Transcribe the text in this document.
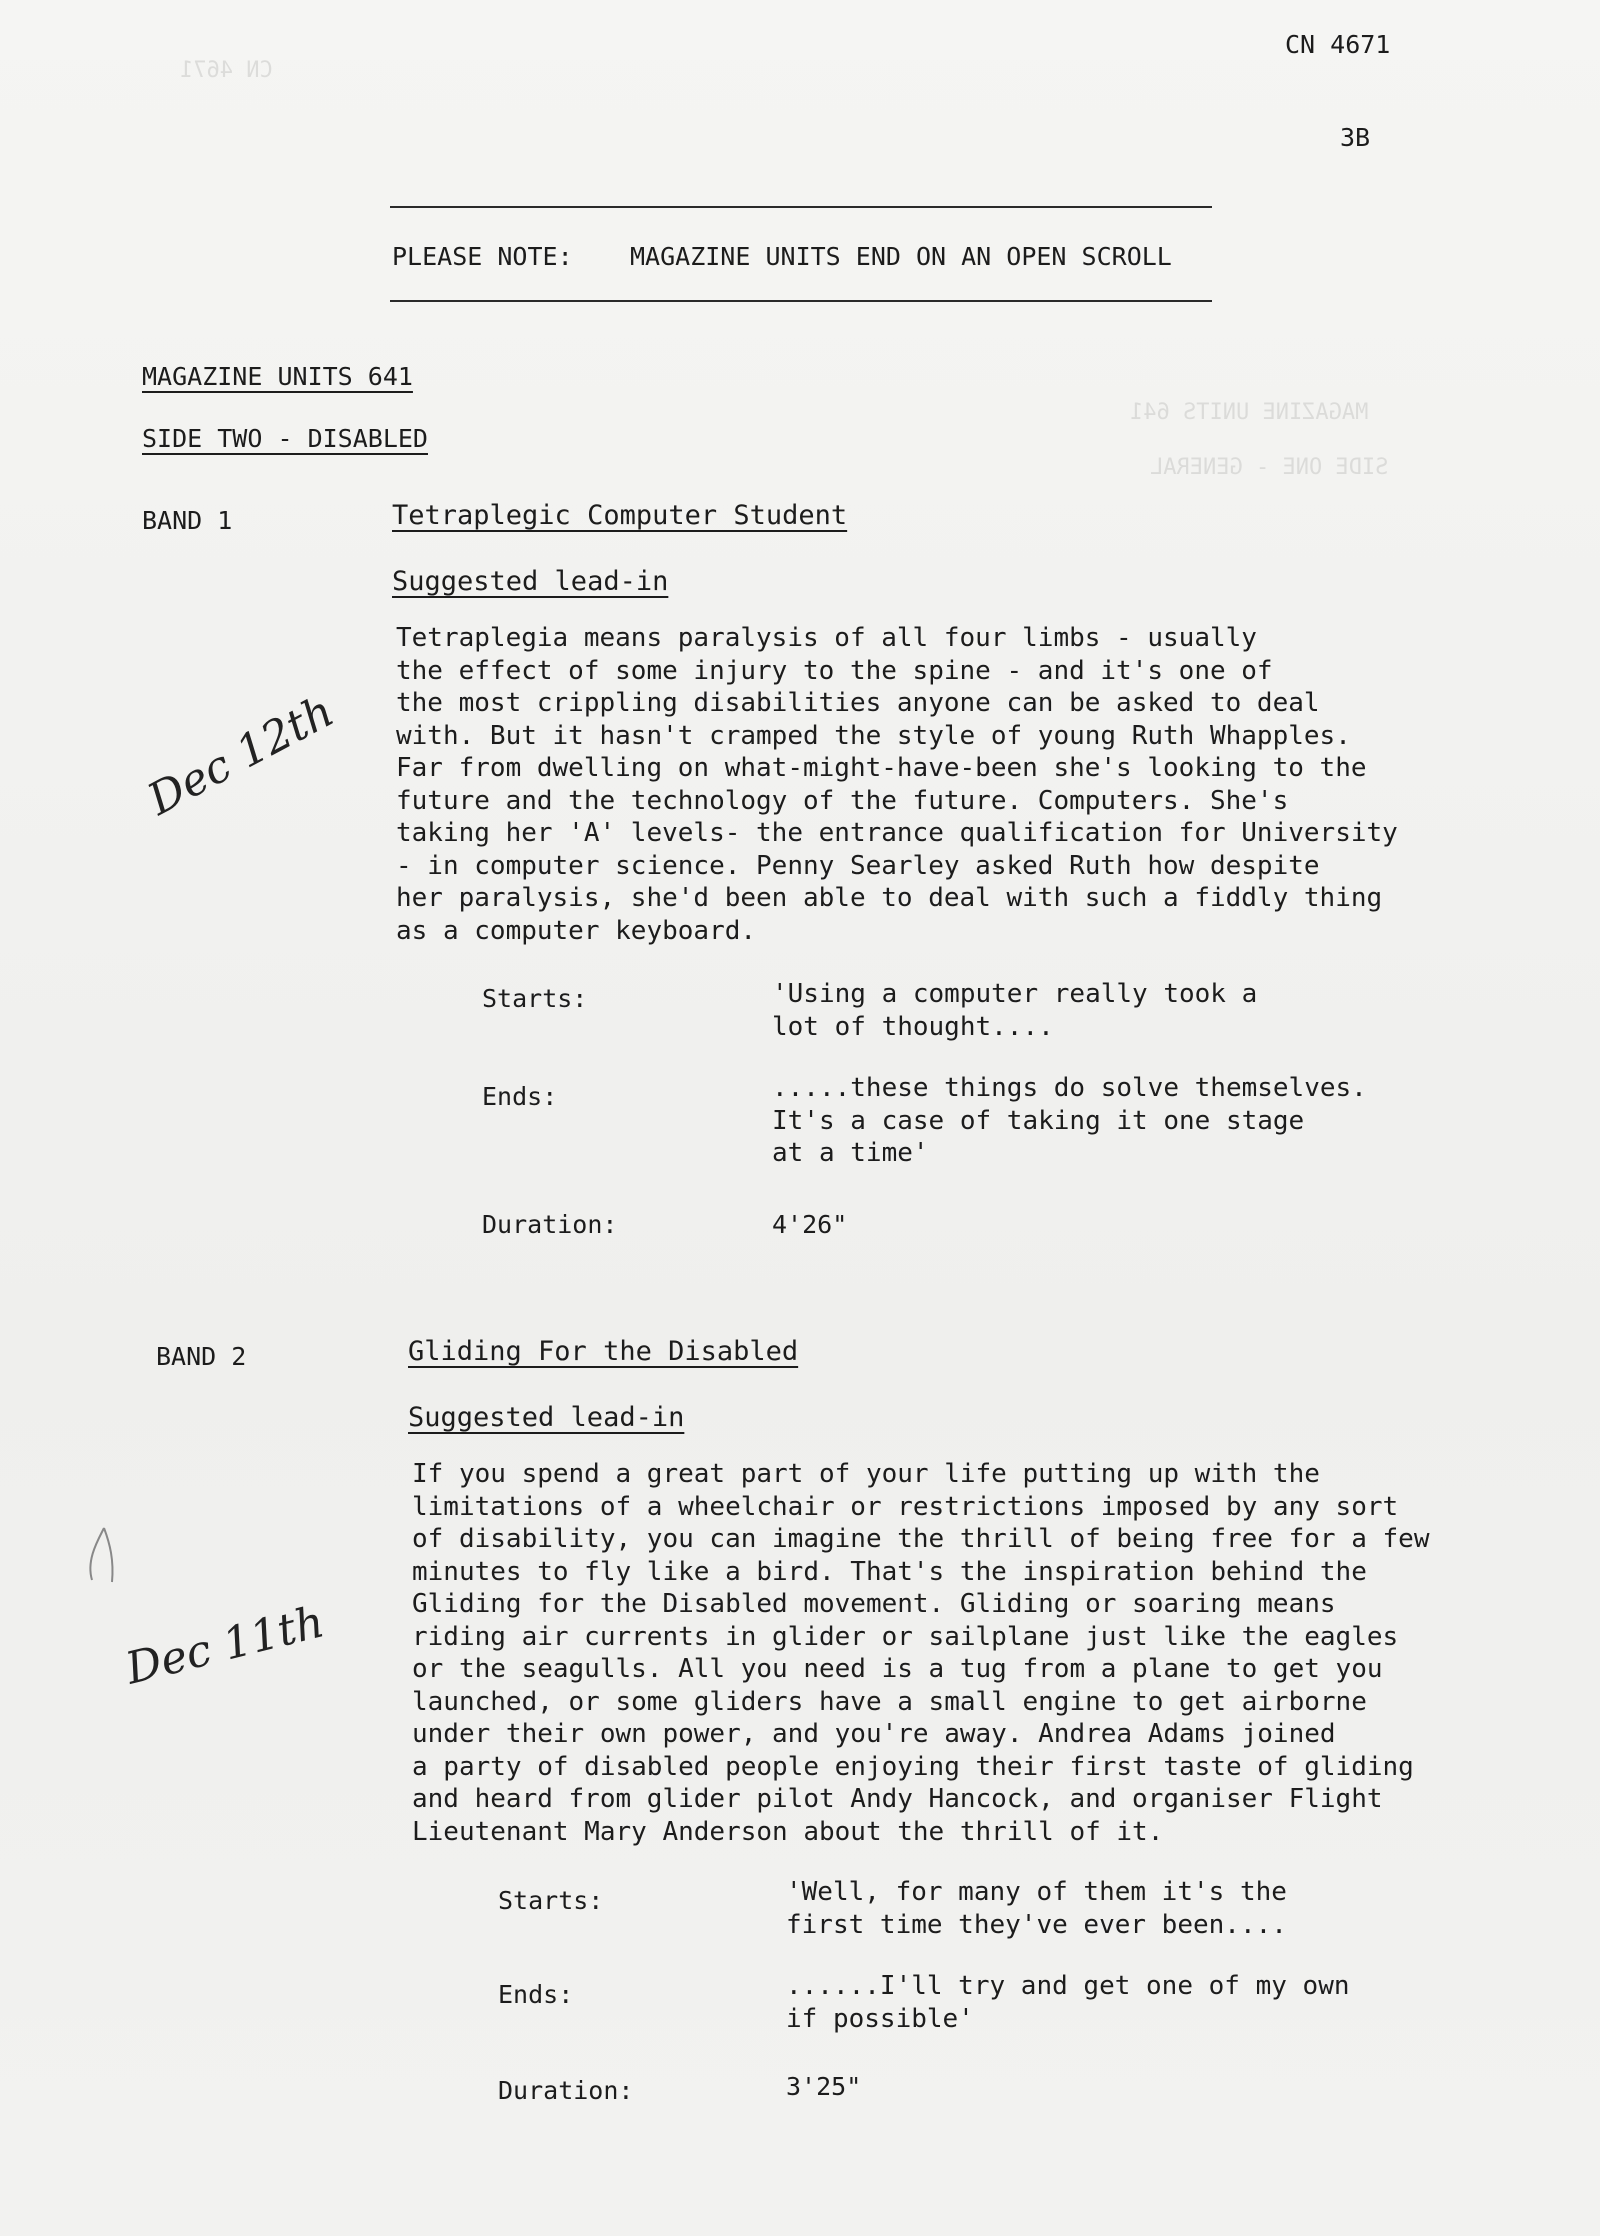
CN 4671
MAGAZINE UNITS 641
SIDE ONE - GENERAL
CN 4671
3B
PLEASE NOTE: MAGAZINE UNITS END ON AN OPEN SCROLL
MAGAZINE UNITS 641
SIDE TWO - DISABLED
BAND 1	Tetraplegic Computer Student
Suggested lead-in
Tetraplegia means paralysis of all four limbs - usually
the effect of some injury to the spine - and it's one of
the most crippling disabilities anyone can be asked to deal
with. But it hasn't cramped the style of young Ruth Whapples.
Far from dwelling on what-might-have-been she's looking to the
future and the technology of the future. Computers. She's
taking her 'A' levels- the entrance qualification for University
- in computer science. Penny Searley asked Ruth how despite
her paralysis, she'd been able to deal with such a fiddly thing
as a computer keyboard.
Starts:	'Using a computer really took a
lot of thought....
Ends:	.....these things do solve themselves.
It's a case of taking it one stage
at a time'
Duration:	4'26"
Dec 12th
BAND 2	Gliding For the Disabled
Suggested lead-in
If you spend a great part of your life putting up with the
limitations of a wheelchair or restrictions imposed by any sort
of disability, you can imagine the thrill of being free for a few
minutes to fly like a bird. That's the inspiration behind the
Gliding for the Disabled movement. Gliding or soaring means
riding air currents in glider or sailplane just like the eagles
or the seagulls. All you need is a tug from a plane to get you
launched, or some gliders have a small engine to get airborne
under their own power, and you're away. Andrea Adams joined
a party of disabled people enjoying their first taste of gliding
and heard from glider pilot Andy Hancock, and organiser Flight
Lieutenant Mary Anderson about the thrill of it.
Starts:	'Well, for many of them it's the
first time they've ever been....
Ends:	......I'll try and get one of my own
if possible'
Duration:	3'25"
Dec 11th
